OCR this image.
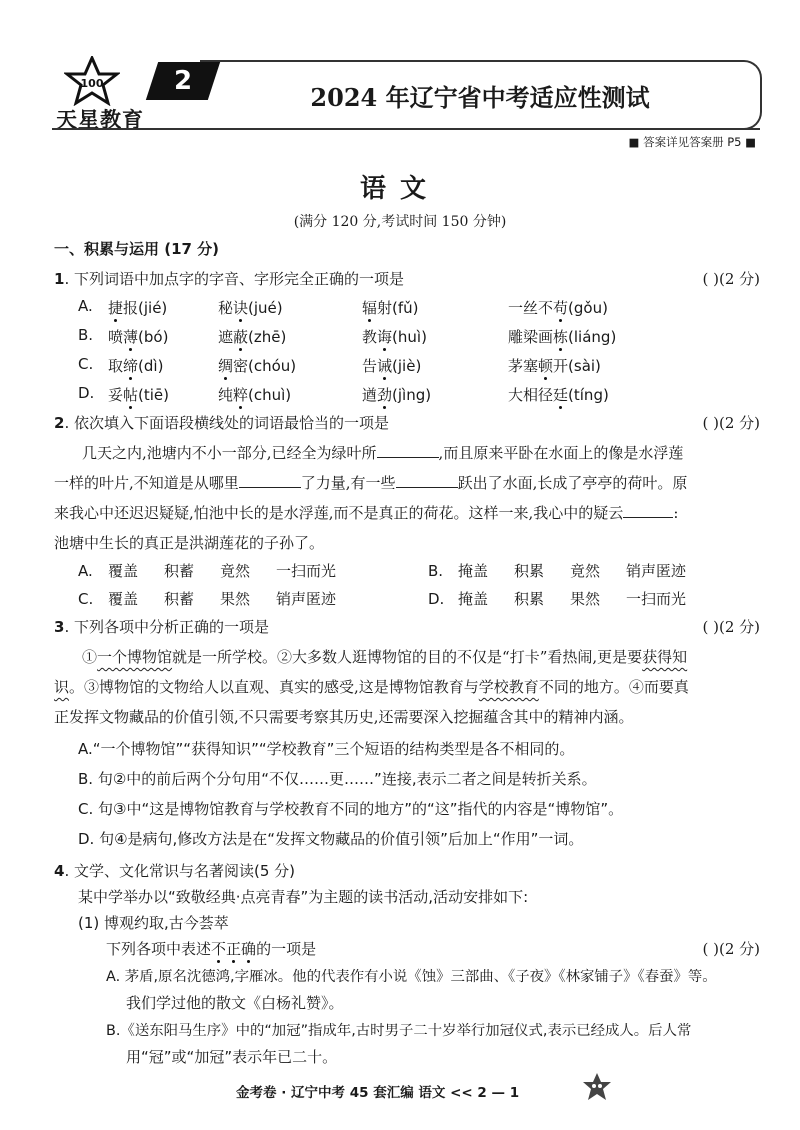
100
天星教育
2
2024 年辽宁省中考适应性测试
■ 答案详见答案册 P5 ■
语文
(满分 120 分,考试时间 150 分钟)
一、积累与运用 (17 分)
1. 下列词语中加点字的字音、字形完全正确的一项是	( )(2 分)
A. 捷报(jié)	秘诀(jué)	辐射(fǔ)	一丝不苟(gǒu)
B. 喷薄(bó)	遮蔽(zhē)	教诲(huì)	雕梁画栋(liáng)
C. 取缔(dì)	绸密(chóu)	告诫(jiè)	茅塞顿开(sài)
D. 妥帖(tiē)	纯粹(chuì)	遒劲(jìng)	大相径廷(tíng)
2. 依次填入下面语段横线处的词语最恰当的一项是	( )(2 分)
几天之内,池塘内不小一部分,已经全为绿叶所	,而且原来平卧在水面上的像是水浮莲
一样的叶片,不知道是从哪里	了力量,有一些	跃出了水面,长成了亭亭的荷叶。原
来我心中还迟迟疑疑,怕池中长的是水浮莲,而不是真正的荷花。这样一来,我心中的疑云	:
池塘中生长的真正是洪湖莲花的子孙了。
A. 覆盖 积蓄 竟然 一扫而光	B. 掩盖 积累 竟然 销声匿迹
C. 覆盖 积蓄 果然 销声匿迹	D. 掩盖 积累 果然 一扫而光
3. 下列各项中分析正确的一项是	( )(2 分)
①一个博物馆就是一所学校。②大多数人逛博物馆的目的不仅是“打卡”看热闹,更是要获得知
识。③博物馆的文物给人以直观、真实的感受,这是博物馆教育与学校教育不同的地方。④而要真
正发挥文物藏品的价值引领,不只需要考察其历史,还需要深入挖掘蕴含其中的精神内涵。
A.“一个博物馆”“获得知识”“学校教育”三个短语的结构类型是各不相同的。
B. 句②中的前后两个分句用“不仅……更……”连接,表示二者之间是转折关系。
C. 句③中“这是博物馆教育与学校教育不同的地方”的“这”指代的内容是“博物馆”。
D. 句④是病句,修改方法是在“发挥文物藏品的价值引领”后加上“作用”一词。
4. 文学、文化常识与名著阅读(5 分)
某中学举办以“致敬经典·点亮青春”为主题的读书活动,活动安排如下:
(1) 博观约取,古今荟萃
下列各项中表述不正确的一项是	( )(2 分)
A. 茅盾,原名沈德鸿,字雁冰。他的代表作有小说《蚀》三部曲、《子夜》《林家铺子》《春蚕》等。
我们学过他的散文《白杨礼赞》。
B.《送东阳马生序》中的“加冠”指成年,古时男子二十岁举行加冠仪式,表示已经成人。后人常
用“冠”或“加冠”表示年已二十。
金考卷 · 辽宁中考 45 套汇编 语文 << 2 — 1
